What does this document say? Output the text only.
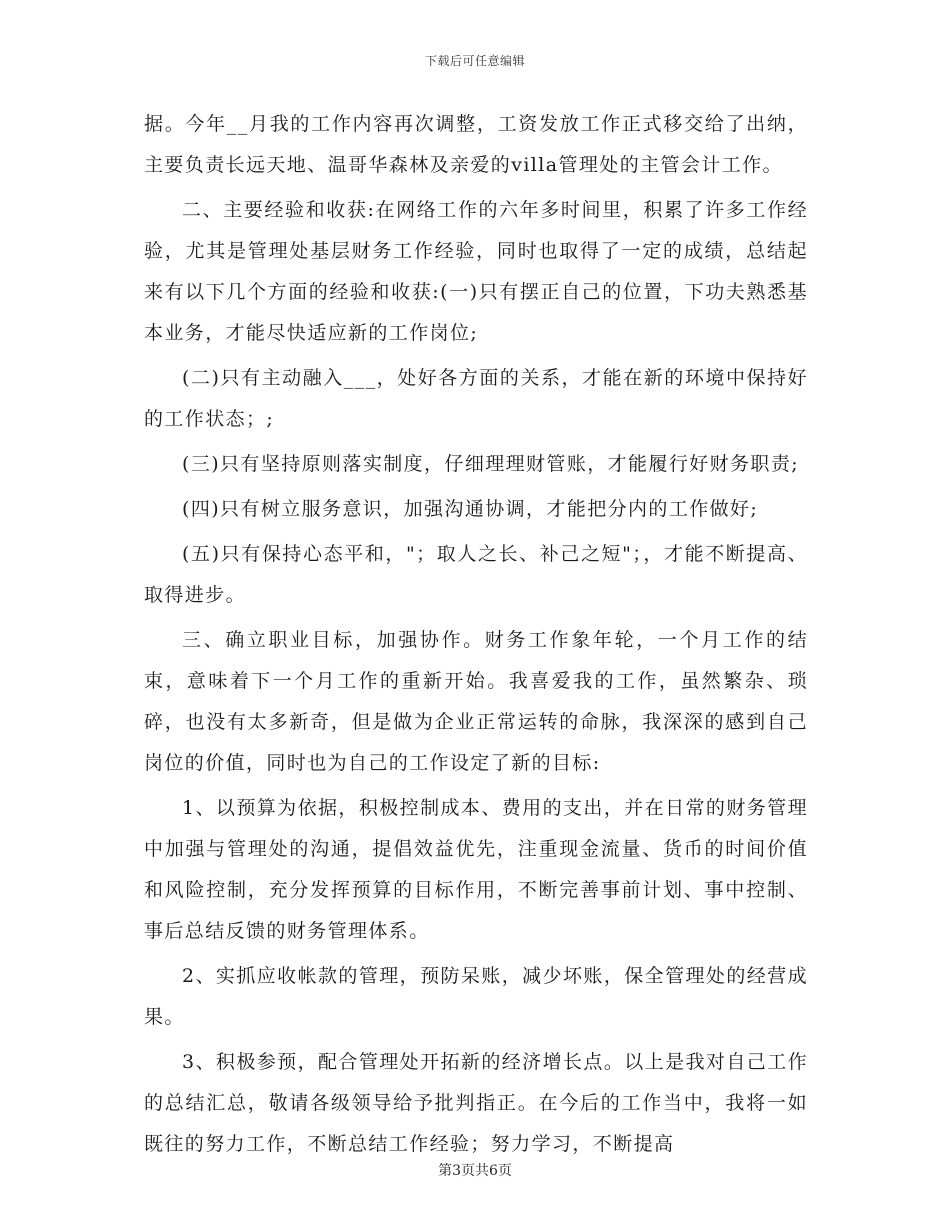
下载后可任意编辑

据。今年__月我的工作内容再次调整，工资发放工作正式移交给了出纳，主要负责长远天地、温哥华森林及亲爱的villa管理处的主管会计工作。

二、主要经验和收获:在网络工作的六年多时间里，积累了许多工作经验，尤其是管理处基层财务工作经验，同时也取得了一定的成绩，总结起来有以下几个方面的经验和收获:(一)只有摆正自己的位置，下功夫熟悉基本业务，才能尽快适应新的工作岗位;

(二)只有主动融入___，处好各方面的关系，才能在新的环境中保持好的工作状态；;

(三)只有坚持原则落实制度，仔细理理财管账，才能履行好财务职责;

(四)只有树立服务意识，加强沟通协调，才能把分内的工作做好;

(五)只有保持心态平和，"；取人之长、补己之短"；，才能不断提高、取得进步。

三、确立职业目标，加强协作。财务工作象年轮，一个月工作的结束，意味着下一个月工作的重新开始。我喜爱我的工作，虽然繁杂、琐碎，也没有太多新奇，但是做为企业正常运转的命脉，我深深的感到自己岗位的价值，同时也为自己的工作设定了新的目标:

1、以预算为依据，积极控制成本、费用的支出，并在日常的财务管理中加强与管理处的沟通，提倡效益优先，注重现金流量、货币的时间价值和风险控制，充分发挥预算的目标作用，不断完善事前计划、事中控制、事后总结反馈的财务管理体系。

2、实抓应收帐款的管理，预防呆账，减少坏账，保全管理处的经营成果。

3、积极参预，配合管理处开拓新的经济增长点。以上是我对自己工作的总结汇总，敬请各级领导给予批判指正。在今后的工作当中，我将一如既往的努力工作，不断总结工作经验；努力学习，不断提高

第3页共6页
